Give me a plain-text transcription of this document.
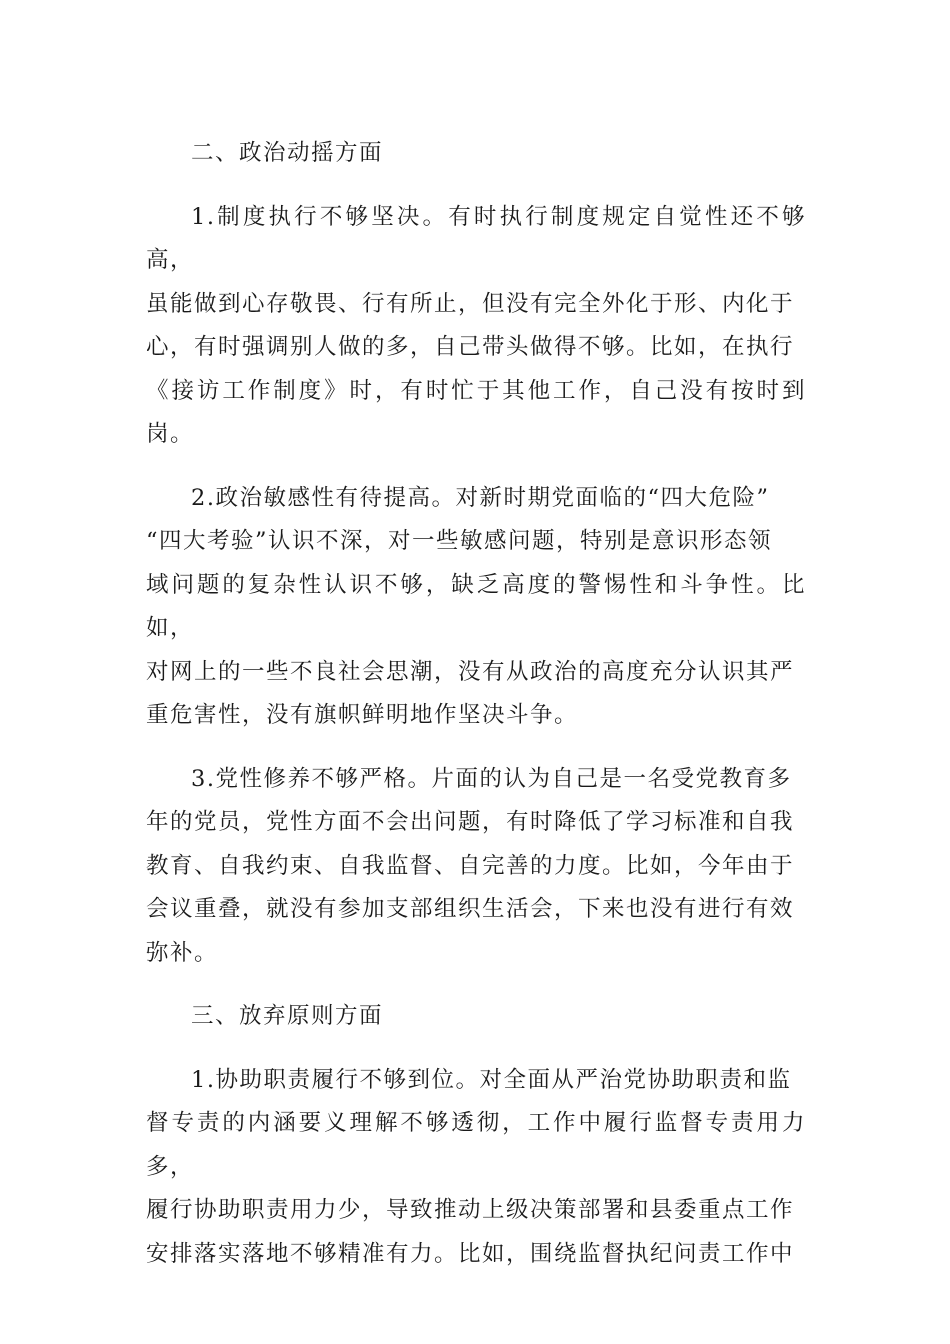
二、政治动摇方面
1.制度执行不够坚决。有时执行制度规定自觉性还不够高，
虽能做到心存敬畏、行有所止，但没有完全外化于形、内化于
心，有时强调别人做的多，自己带头做得不够。比如，在执行
《接访工作制度》时，有时忙于其他工作，自己没有按时到岗。
2.政治敏感性有待提高。对新时期党面临的“四大危险”
“四大考验”认识不深，对一些敏感问题，特别是意识形态领
域问题的复杂性认识不够，缺乏高度的警惕性和斗争性。比如，
对网上的一些不良社会思潮，没有从政治的高度充分认识其严
重危害性，没有旗帜鲜明地作坚决斗争。
3.党性修养不够严格。片面的认为自己是一名受党教育多
年的党员，党性方面不会出问题，有时降低了学习标准和自我
教育、自我约束、自我监督、自完善的力度。比如，今年由于
会议重叠，就没有参加支部组织生活会，下来也没有进行有效
弥补。
三、放弃原则方面
1.协助职责履行不够到位。对全面从严治党协助职责和监
督专责的内涵要义理解不够透彻，工作中履行监督专责用力多，
履行协助职责用力少，导致推动上级决策部署和县委重点工作
安排落实落地不够精准有力。比如，围绕监督执纪问责工作中
